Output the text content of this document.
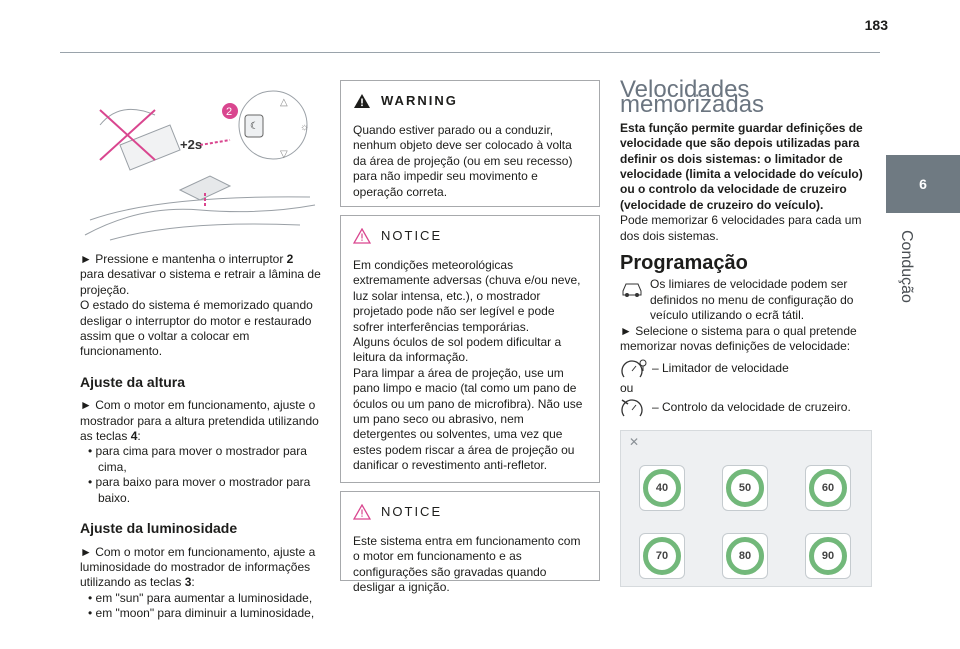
183
6
Condução
2
+2s
☾
△
▽
☼

► Pressione e mantenha o interruptor 2
para desativar o sistema e retrair a lâmina de projeção.

O estado do sistema é memorizado quando desligar o interruptor do motor e restaurado assim que o voltar a colocar em funcionamento.

Ajuste da altura

► Com o motor em funcionamento, ajuste o mostrador para a altura pretendida utilizando as teclas 4:

• para cima para mover o mostrador para cima,

• para baixo para mover o mostrador para baixo.

Ajuste da luminosidade

► Com o motor em funcionamento, ajuste a luminosidade do mostrador de informações utilizando as teclas 3:

• em "sun" para aumentar a luminosidade,

• em "moon" para diminuir a luminosidade,

WARNING

Quando estiver parado ou a conduzir, nenhum objeto deve ser colocado à volta da área de projeção (ou em seu recesso) para não impedir seu movimento e operação correta.

NOTICE

Em condições meteorológicas extremamente adversas (chuva e/ou neve, luz solar intensa, etc.), o mostrador projetado pode não ser legível e pode sofrer interferências temporárias.

Alguns óculos de sol podem dificultar a leitura da informação.

Para limpar a área de projeção, use um pano limpo e macio (tal como um pano de óculos ou um pano de microfibra). Não use um pano seco ou abrasivo, nem detergentes ou solventes, uma vez que estes podem riscar a área de projeção ou danificar o revestimento anti-refletor.

NOTICE

Este sistema entra em funcionamento com o motor em funcionamento e as configurações são gravadas quando desligar a ignição.

Velocidades memorizadas

Esta função permite guardar definições de velocidade que são depois utilizadas para definir os dois sistemas: o limitador de velocidade (limita a velocidade do veículo) ou o controlo da velocidade de cruzeiro (velocidade de cruzeiro do veículo).

Pode memorizar 6 velocidades para cada um dos dois sistemas.

Programação

Os limiares de velocidade podem ser definidos no menu de configuração do veículo utilizando o ecrã tátil.

► Selecione o sistema para o qual pretende memorizar novas definições de velocidade:

– Limitador de velocidade

ou

– Controlo da velocidade de cruzeiro.
✕
40	50	60
70	80	90
